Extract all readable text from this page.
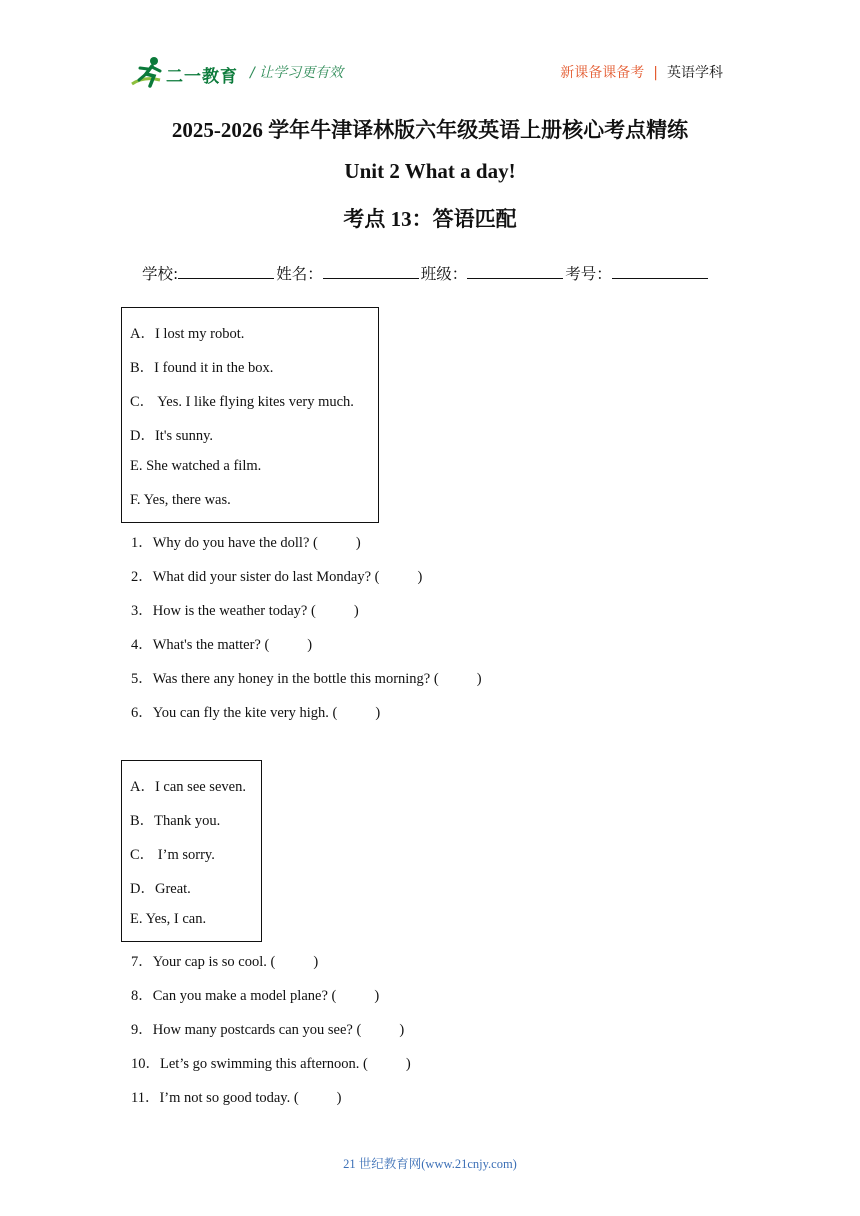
二一教育 / 让学习更有效	新课备课备考 | 英语学科
2025-2026 学年牛津译林版六年级英语上册核心考点精练
Unit 2 What a day!
考点 13：答语匹配
学校:	姓名：	班级：	考号：
A．I lost my robot.
B．I found it in the box.
C． Yes. I like flying kites very much.
D．It's sunny.
E. She watched a film.
F. Yes, there was.
1．Why do you have the doll? (	)
2．What did your sister do last Monday? (	)
3．How is the weather today? (	)
4．What's the matter? (	)
5．Was there any honey in the bottle this morning? (	)
6．You can fly the kite very high. (	)
A．I can see seven.
B．Thank you.
C． I’m sorry.
D．Great.
E. Yes, I can.
7．Your cap is so cool. (	)
8．Can you make a model plane? (	)
9．How many postcards can you see? (	)
10．Let’s go swimming this afternoon. (	)
11．I’m not so good today. (	)
21 世纪教育网(www.21cnjy.com)
